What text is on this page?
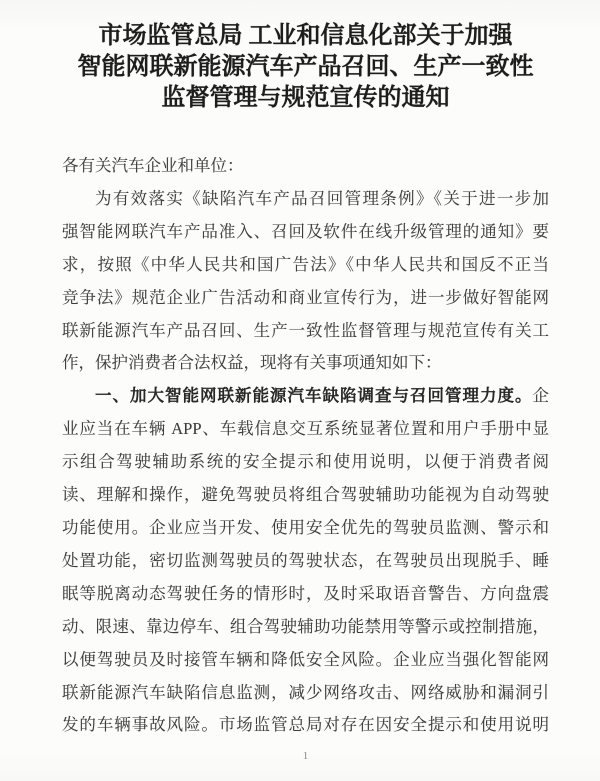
市场监管总局 工业和信息化部关于加强
智能网联新能源汽车产品召回、生产一致性
监督管理与规范宣传的通知
各有关汽车企业和单位：
为有效落实《缺陷汽车产品召回管理条例》《关于进一步加
强智能网联汽车产品准入、召回及软件在线升级管理的通知》要
求，按照《中华人民共和国广告法》《中华人民共和国反不正当
竞争法》规范企业广告活动和商业宣传行为，进一步做好智能网
联新能源汽车产品召回、生产一致性监督管理与规范宣传有关工
作，保护消费者合法权益，现将有关事项通知如下：
一、加大智能网联新能源汽车缺陷调查与召回管理力度。企
业应当在车辆 APP、车载信息交互系统显著位置和用户手册中显
示组合驾驶辅助系统的安全提示和使用说明，以便于消费者阅
读、理解和操作，避免驾驶员将组合驾驶辅助功能视为自动驾驶
功能使用。企业应当开发、使用安全优先的驾驶员监测、警示和
处置功能，密切监测驾驶员的驾驶状态，在驾驶员出现脱手、睡
眠等脱离动态驾驶任务的情形时，及时采取语音警告、方向盘震
动、限速、靠边停车、组合驾驶辅助功能禁用等警示或控制措施，
以便驾驶员及时接管车辆和降低安全风险。企业应当强化智能网
联新能源汽车缺陷信息监测，减少网络攻击、网络威胁和漏洞引
发的车辆事故风险。市场监管总局对存在因安全提示和使用说明
1
